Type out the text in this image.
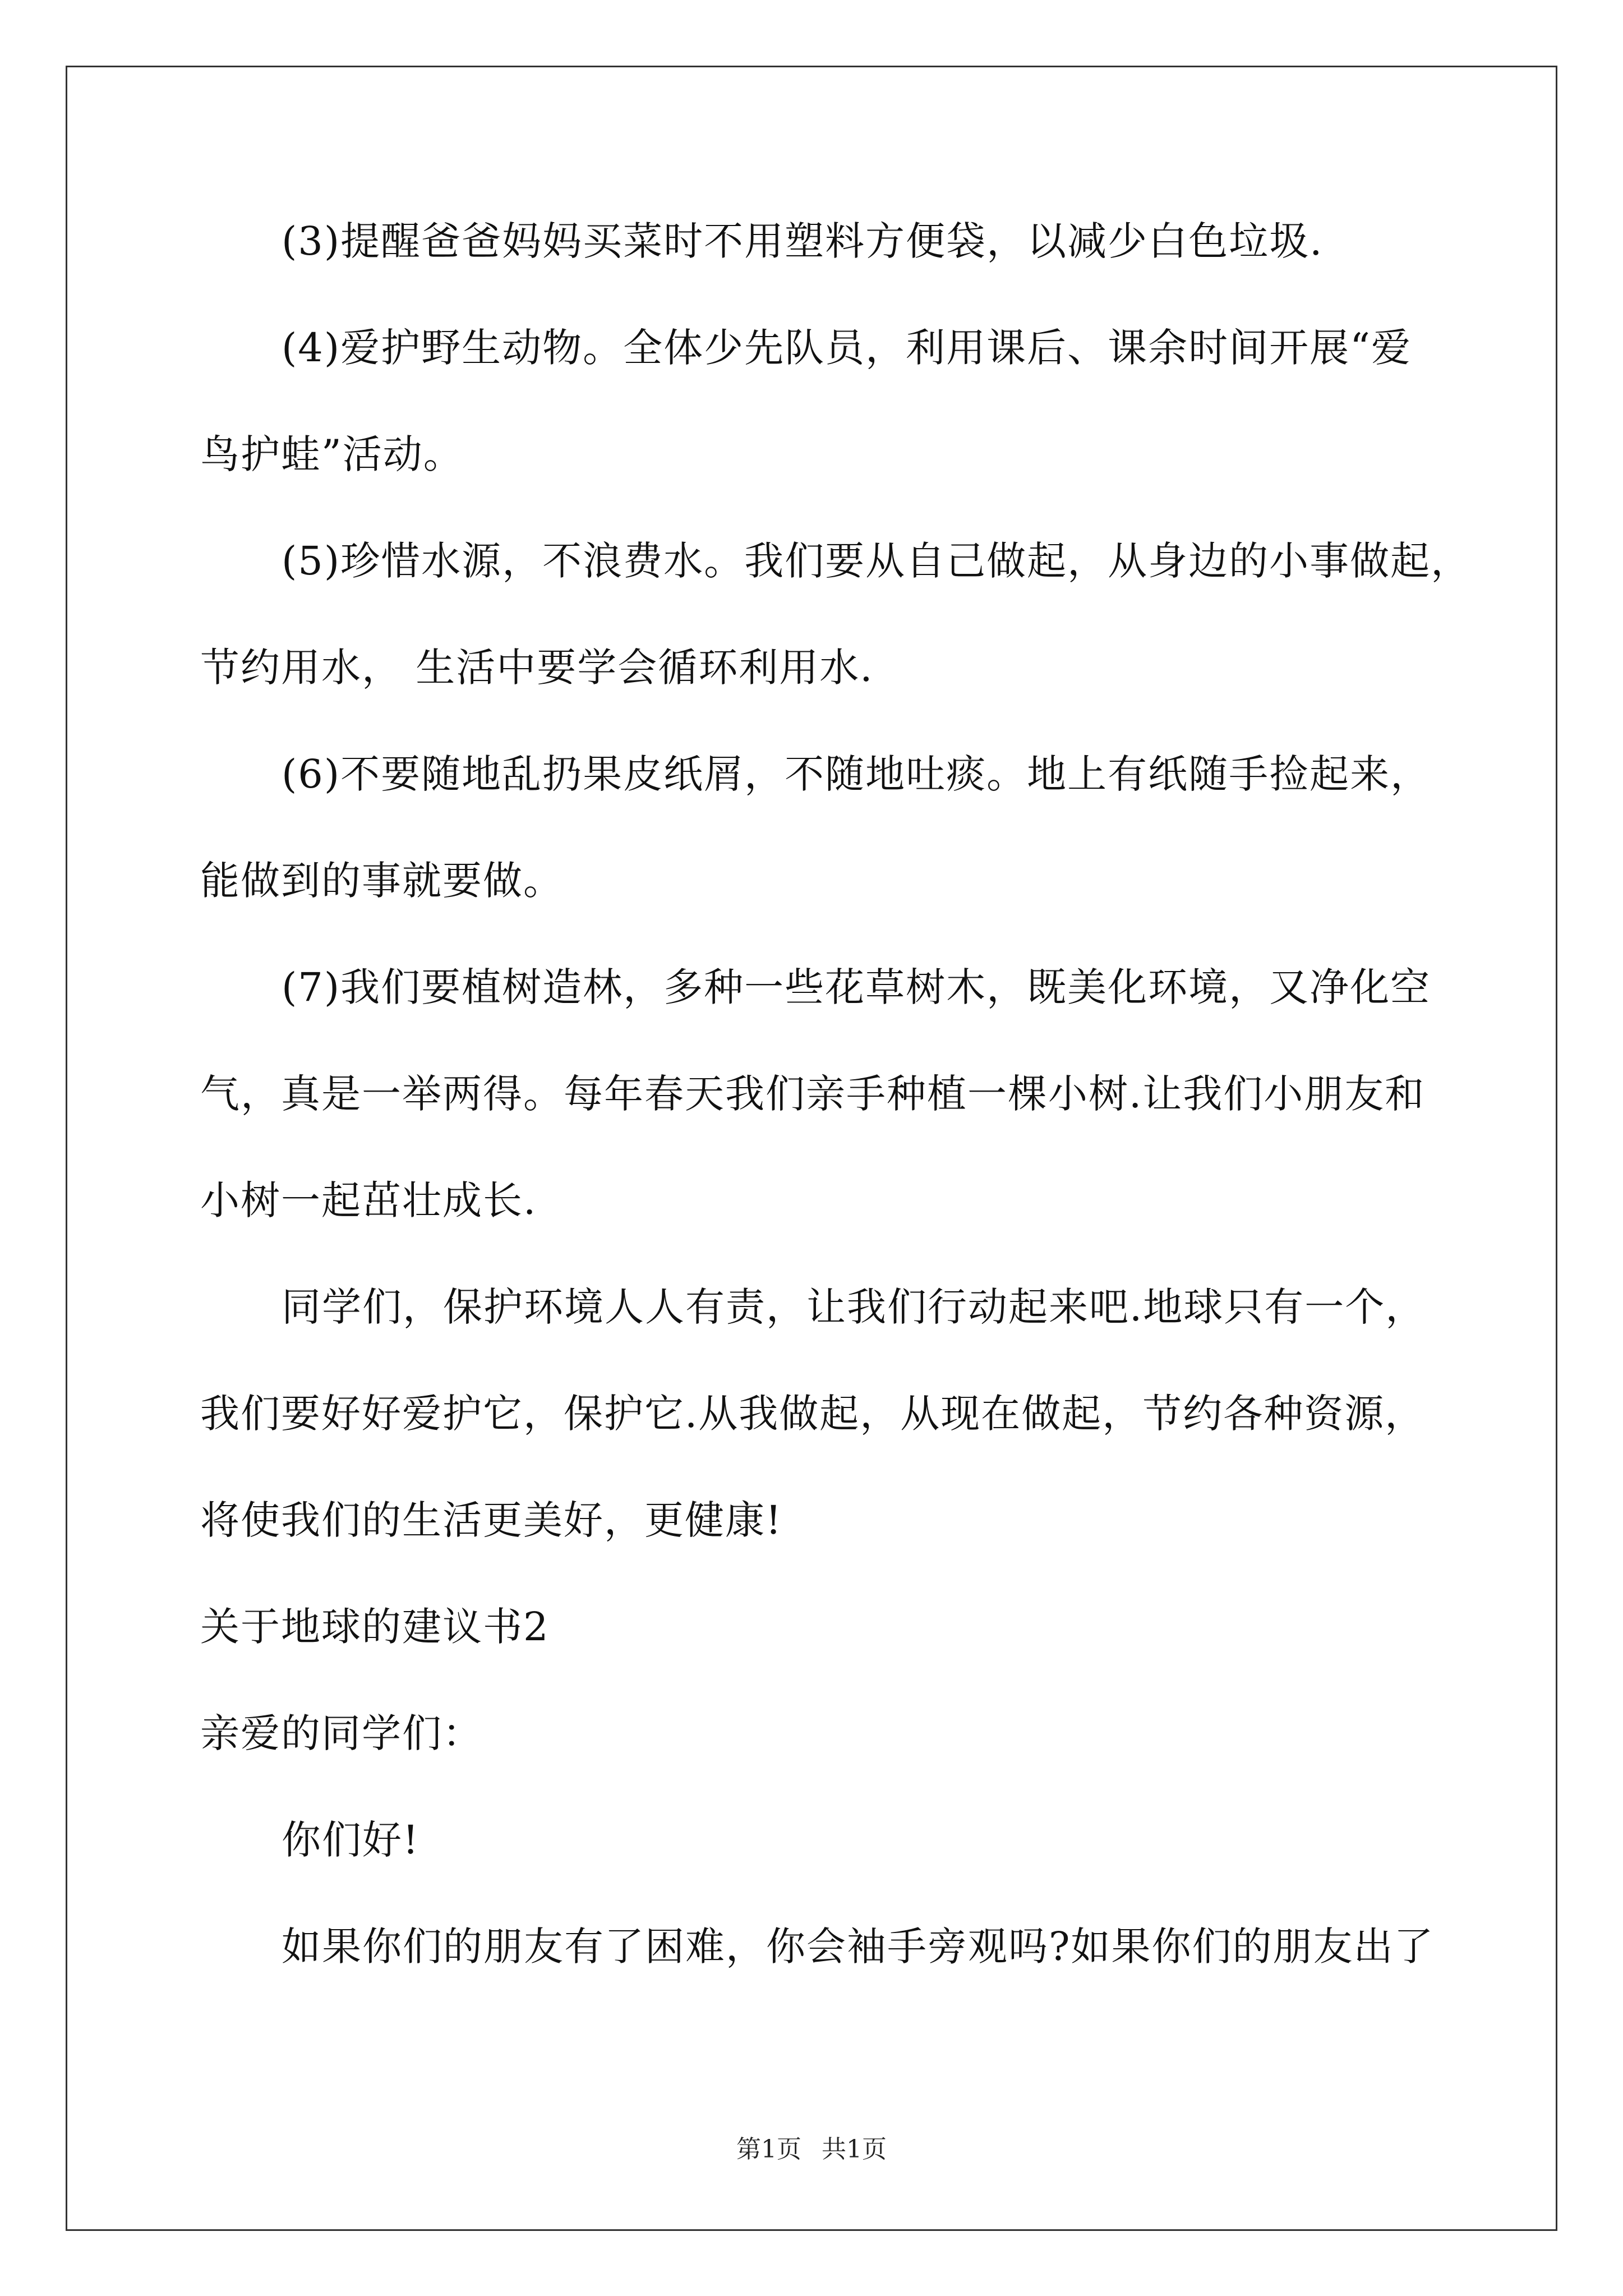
(3)提醒爸爸妈妈买菜时不用塑料方便袋，以减少白色垃圾.
(4)爱护野生动物。全体少先队员，利用课后、课余时间开展“爱
鸟护蛙”活动。
(5)珍惜水源，不浪费水。我们要从自己做起，从身边的小事做起，
节约用水， 生活中要学会循环利用水.
(6)不要随地乱扔果皮纸屑，不随地吐痰。地上有纸随手捡起来，
能做到的事就要做。
(7)我们要植树造林，多种一些花草树木，既美化环境，又净化空
气，真是一举两得。每年春天我们亲手种植一棵小树.让我们小朋友和
小树一起茁壮成长.
同学们，保护环境人人有责，让我们行动起来吧.地球只有一个，
我们要好好爱护它，保护它.从我做起，从现在做起，节约各种资源，
将使我们的生活更美好，更健康!
关于地球的建议书2
亲爱的同学们：
你们好!
如果你们的朋友有了困难，你会袖手旁观吗?如果你们的朋友出了
第1页 共1页
